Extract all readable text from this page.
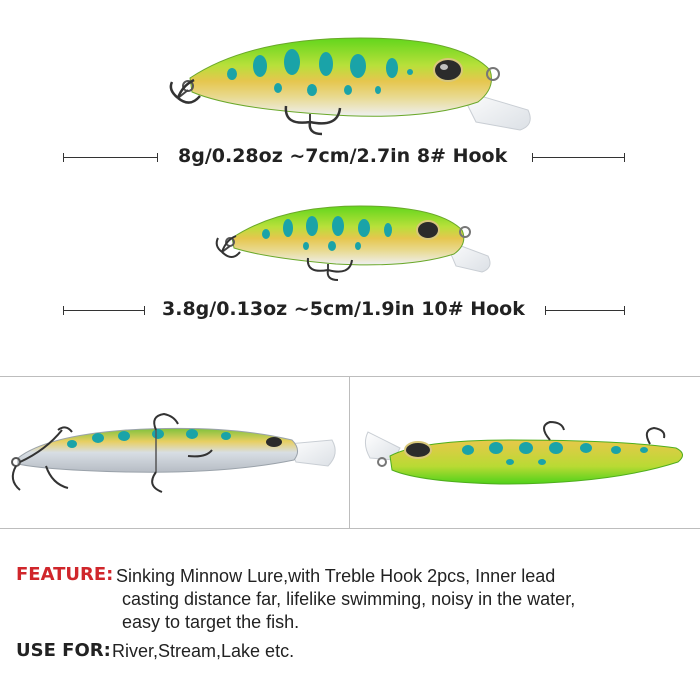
8g/0.28oz ~7cm/2.7in 8# Hook
3.8g/0.13oz ~5cm/1.9in 10# Hook
FEATURE: Sinking Minnow Lure,with Treble Hook 2pcs, Inner lead
casting distance far, lifelike swimming, noisy in the water,
easy to target the fish.
USE FOR: River,Stream,Lake etc.
